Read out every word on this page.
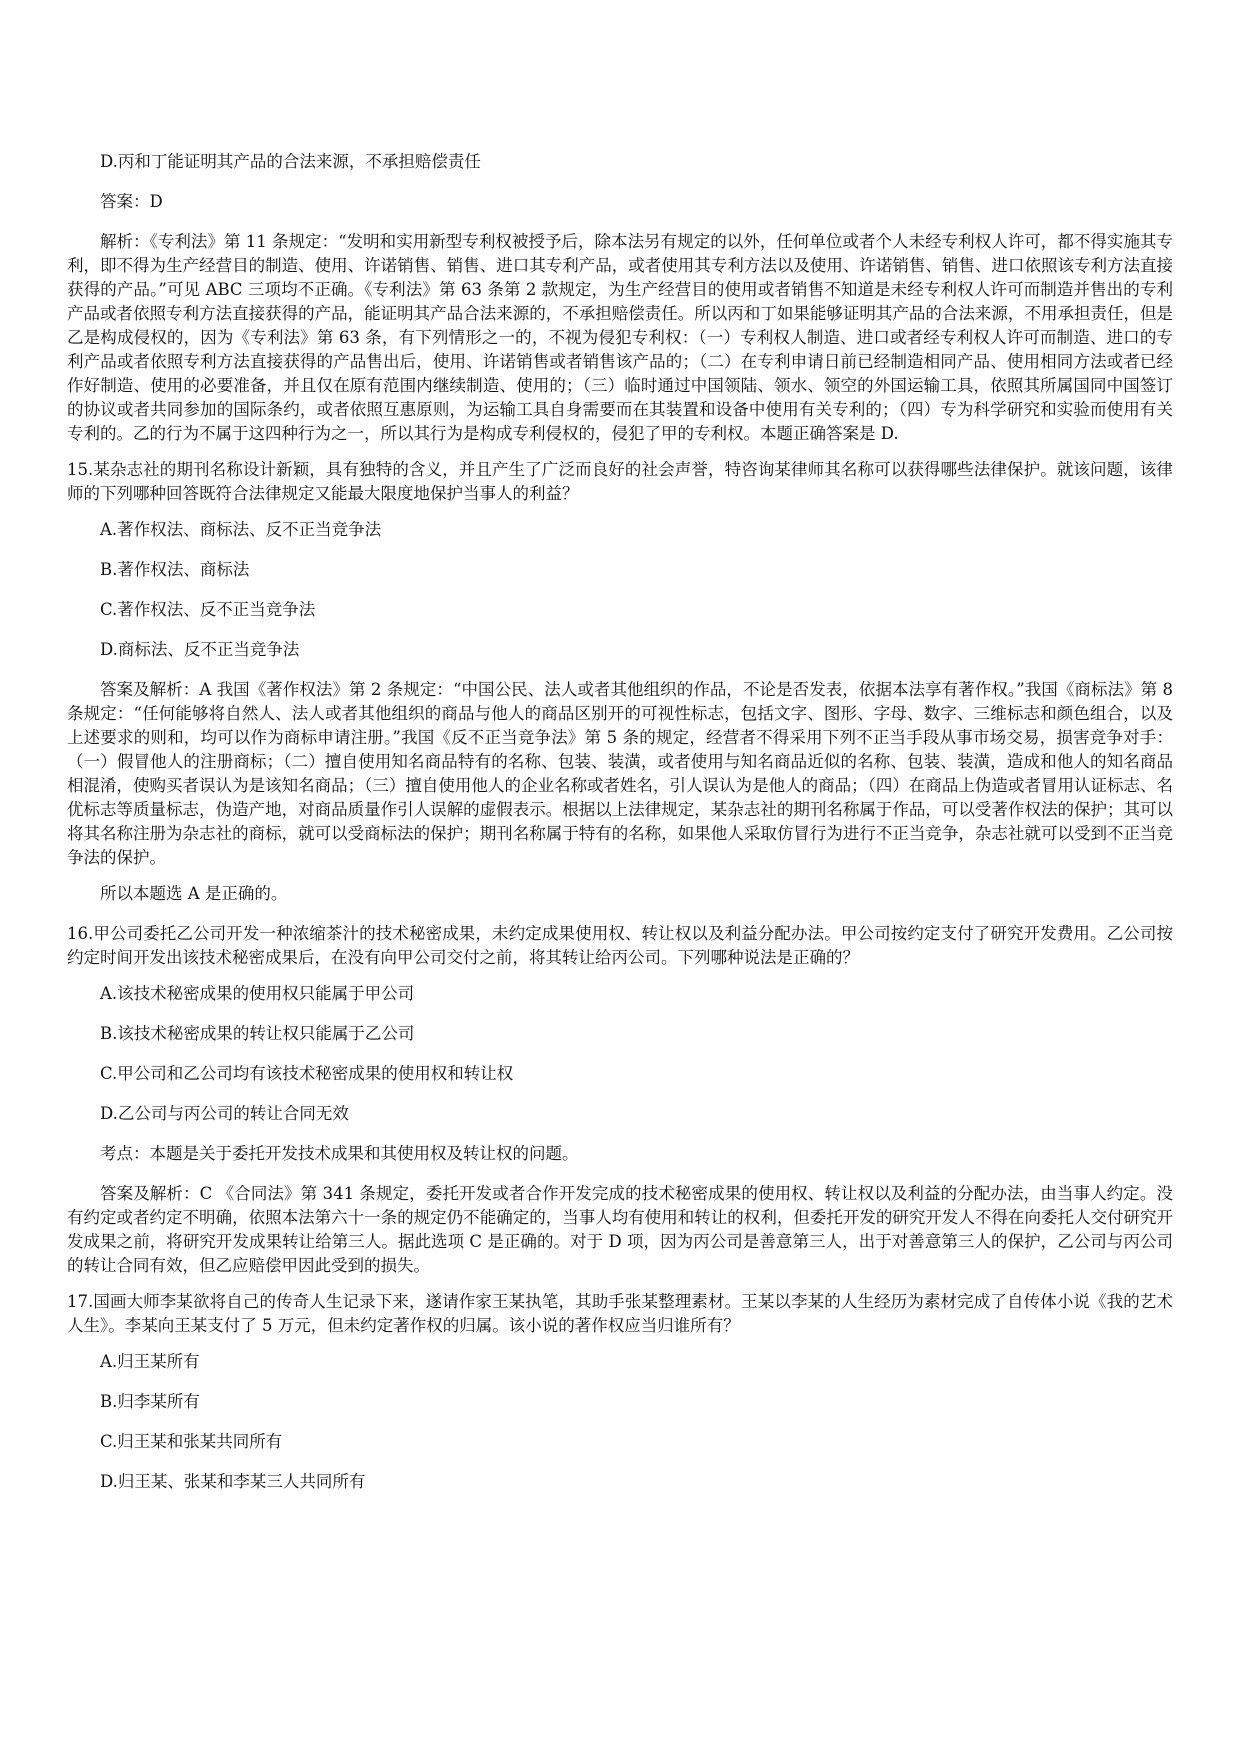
D.丙和丁能证明其产品的合法来源，不承担赔偿责任

答案：D

解析：《专利法》第 11 条规定：“发明和实用新型专利权被授予后，除本法另有规定的以外，任何单位或者个人未经专利权人许可，都不得实施其专利，即不得为生产经营目的制造、使用、许诺销售、销售、进口其专利产品，或者使用其专利方法以及使用、许诺销售、销售、进口依照该专利方法直接获得的产品。”可见 ABC 三项均不正确。《专利法》第 63 条第 2 款规定，为生产经营目的使用或者销售不知道是未经专利权人许可而制造并售出的专利产品或者依照专利方法直接获得的产品，能证明其产品合法来源的，不承担赔偿责任。所以丙和丁如果能够证明其产品的合法来源，不用承担责任，但是乙是构成侵权的，因为《专利法》第 63 条，有下列情形之一的，不视为侵犯专利权：（一）专利权人制造、进口或者经专利权人许可而制造、进口的专利产品或者依照专利方法直接获得的产品售出后，使用、许诺销售或者销售该产品的；（二）在专利申请日前已经制造相同产品、使用相同方法或者已经作好制造、使用的必要准备，并且仅在原有范围内继续制造、使用的；（三）临时通过中国领陆、领水、领空的外国运输工具，依照其所属国同中国签订的协议或者共同参加的国际条约，或者依照互惠原则，为运输工具自身需要而在其装置和设备中使用有关专利的；（四）专为科学研究和实验而使用有关专利的。乙的行为不属于这四种行为之一，所以其行为是构成专利侵权的，侵犯了甲的专利权。本题正确答案是 D.

15.某杂志社的期刊名称设计新颖，具有独特的含义，并且产生了广泛而良好的社会声誉，特咨询某律师其名称可以获得哪些法律保护。就该问题，该律师的下列哪种回答既符合法律规定又能最大限度地保护当事人的利益？

A.著作权法、商标法、反不正当竞争法

B.著作权法、商标法

C.著作权法、反不正当竞争法

D.商标法、反不正当竞争法

答案及解析：A 我国《著作权法》第 2 条规定：“中国公民、法人或者其他组织的作品，不论是否发表，依据本法享有著作权。”我国《商标法》第 8 条规定：“任何能够将自然人、法人或者其他组织的商品与他人的商品区别开的可视性标志，包括文字、图形、字母、数字、三维标志和颜色组合，以及上述要求的则和，均可以作为商标申请注册。”我国《反不正当竞争法》第 5 条的规定，经营者不得采用下列不正当手段从事市场交易，损害竞争对手：（一）假冒他人的注册商标；（二）擅自使用知名商品特有的名称、包装、装潢，或者使用与知名商品近似的名称、包装、装潢，造成和他人的知名商品相混淆，使购买者误认为是该知名商品；（三）擅自使用他人的企业名称或者姓名，引人误认为是他人的商品；（四）在商品上伪造或者冒用认证标志、名优标志等质量标志，伪造产地，对商品质量作引人误解的虚假表示。根据以上法律规定，某杂志社的期刊名称属于作品，可以受著作权法的保护；其可以将其名称注册为杂志社的商标，就可以受商标法的保护；期刊名称属于特有的名称，如果他人采取仿冒行为进行不正当竞争，杂志社就可以受到不正当竞争法的保护。

所以本题选 A 是正确的。

16.甲公司委托乙公司开发一种浓缩茶汁的技术秘密成果，未约定成果使用权、转让权以及利益分配办法。甲公司按约定支付了研究开发费用。乙公司按约定时间开发出该技术秘密成果后，在没有向甲公司交付之前，将其转让给丙公司。下列哪种说法是正确的？

A.该技术秘密成果的使用权只能属于甲公司

B.该技术秘密成果的转让权只能属于乙公司

C.甲公司和乙公司均有该技术秘密成果的使用权和转让权

D.乙公司与丙公司的转让合同无效

考点：本题是关于委托开发技术成果和其使用权及转让权的问题。

答案及解析：C 《合同法》第 341 条规定，委托开发或者合作开发完成的技术秘密成果的使用权、转让权以及利益的分配办法，由当事人约定。没有约定或者约定不明确，依照本法第六十一条的规定仍不能确定的，当事人均有使用和转让的权利，但委托开发的研究开发人不得在向委托人交付研究开发成果之前，将研究开发成果转让给第三人。据此选项 C 是正确的。对于 D 项，因为丙公司是善意第三人，出于对善意第三人的保护，乙公司与丙公司的转让合同有效，但乙应赔偿甲因此受到的损失。

17.国画大师李某欲将自己的传奇人生记录下来，遂请作家王某执笔，其助手张某整理素材。王某以李某的人生经历为素材完成了自传体小说《我的艺术人生》。李某向王某支付了 5 万元，但未约定著作权的归属。该小说的著作权应当归谁所有？

A.归王某所有

B.归李某所有

C.归王某和张某共同所有

D.归王某、张某和李某三人共同所有
